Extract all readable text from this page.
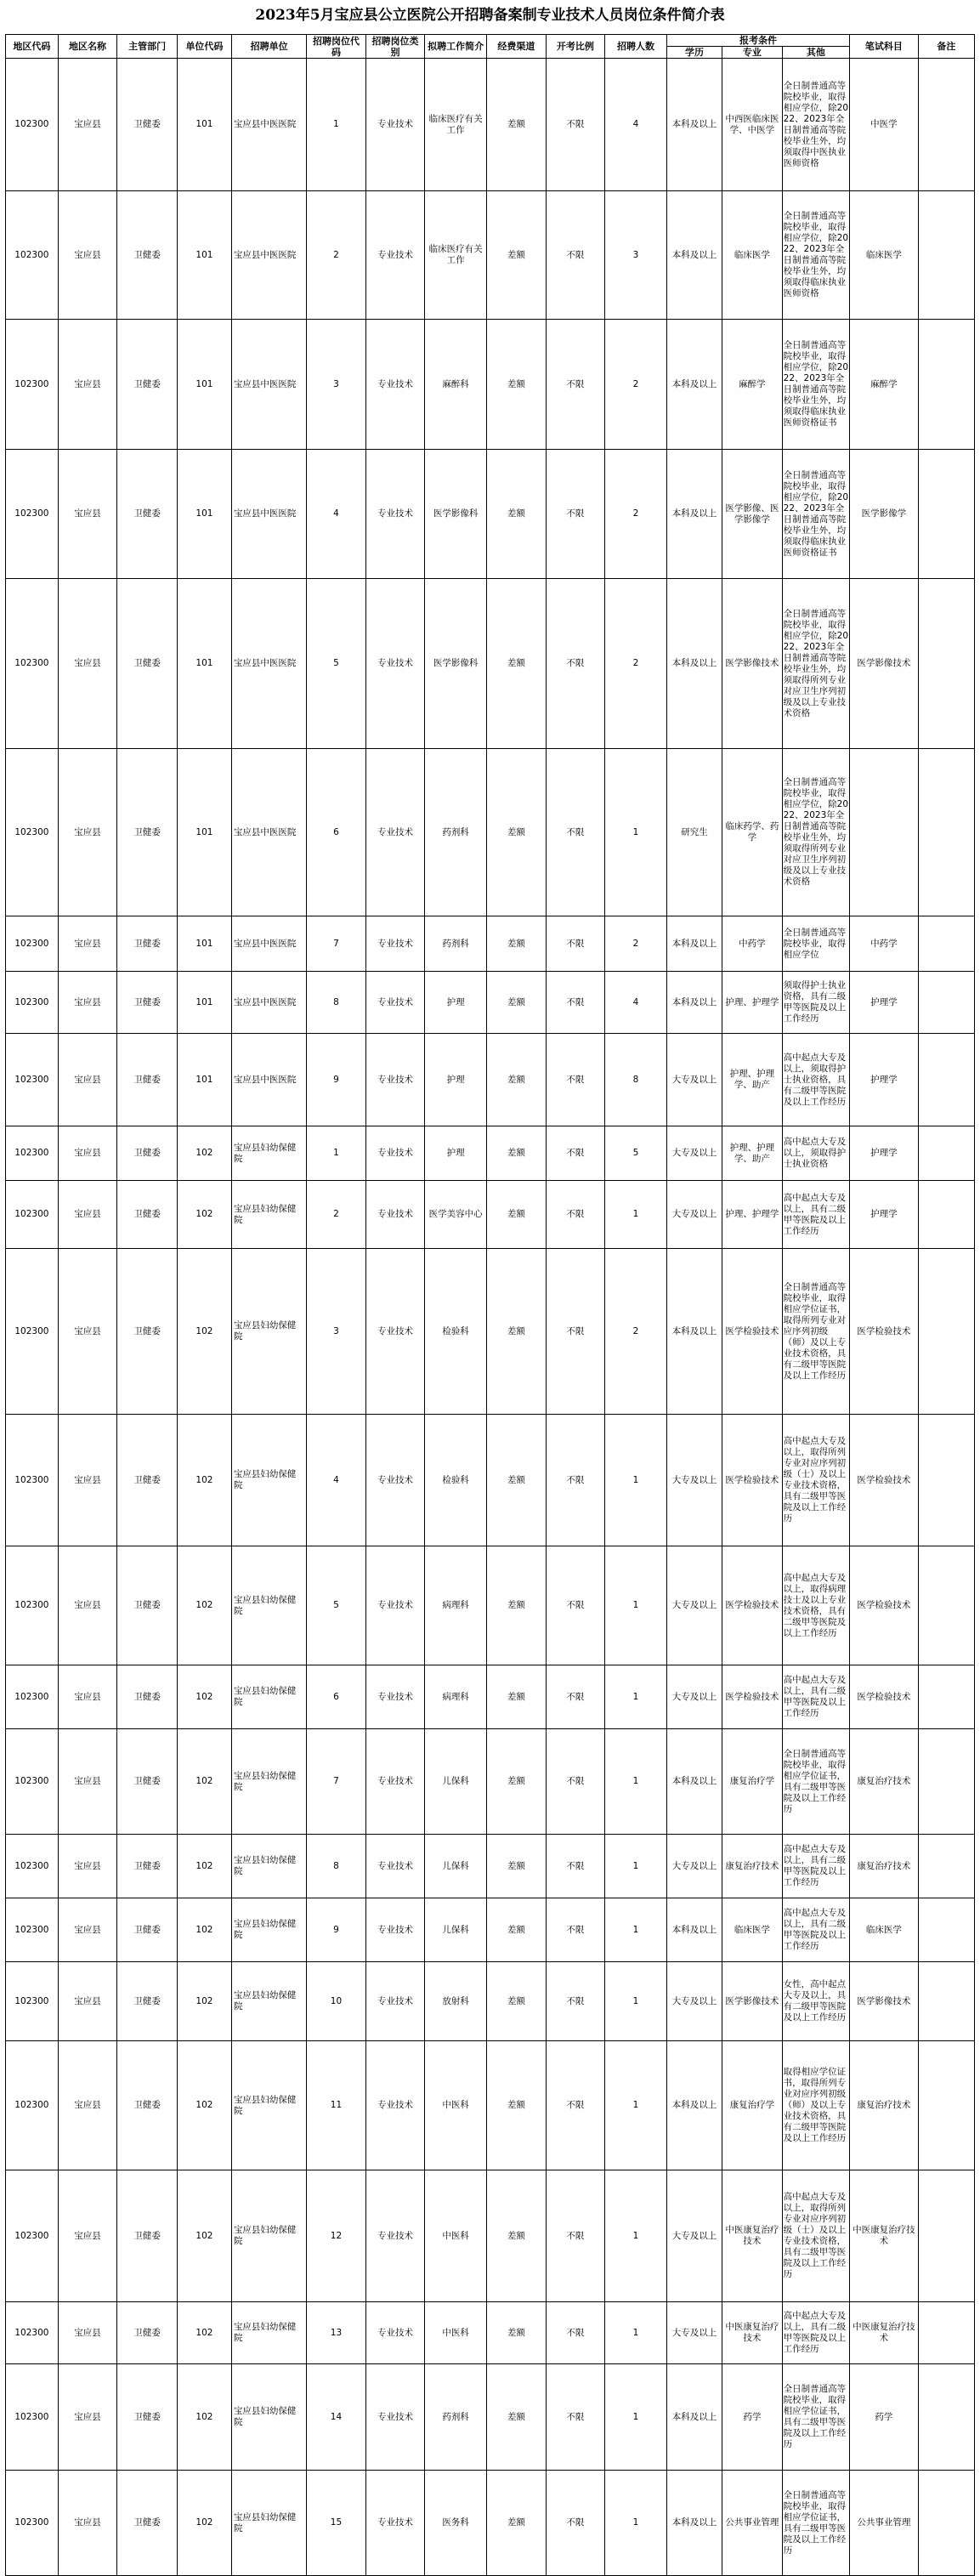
2023年5月宝应县公立医院公开招聘备案制专业技术人员岗位条件简介表
地区代码	地区名称	主管部门	单位代码	招聘单位	招聘岗位代码	招聘岗位类别	拟聘工作简介	经费渠道	开考比例	招聘人数	报考条件			笔试科目	备注
											学历	专业	其他		
102300	宝应县	卫健委	101	宝应县中医医院	1	专业技术	临床医疗有关工作	差额	不限	4	本科及以上	中西医临床医学、中医学	全日制普通高等院校毕业，取得相应学位，除2022、2023年全日制普通高等院校毕业生外，均须取得中医执业医师资格	中医学	
102300	宝应县	卫健委	101	宝应县中医医院	2	专业技术	临床医疗有关工作	差额	不限	3	本科及以上	临床医学	全日制普通高等院校毕业，取得相应学位，除2022、2023年全日制普通高等院校毕业生外，均须取得临床执业医师资格	临床医学	
102300	宝应县	卫健委	101	宝应县中医医院	3	专业技术	麻醉科	差额	不限	2	本科及以上	麻醉学	全日制普通高等院校毕业，取得相应学位，除2022、2023年全日制普通高等院校毕业生外，均须取得临床执业医师资格证书	麻醉学	
102300	宝应县	卫健委	101	宝应县中医医院	4	专业技术	医学影像科	差额	不限	2	本科及以上	医学影像、医学影像学	全日制普通高等院校毕业，取得相应学位，除2022、2023年全日制普通高等院校毕业生外，均须取得临床执业医师资格证书	医学影像学	
102300	宝应县	卫健委	101	宝应县中医医院	5	专业技术	医学影像科	差额	不限	2	本科及以上	医学影像技术	全日制普通高等院校毕业，取得相应学位，除2022、2023年全日制普通高等院校毕业生外，均须取得所列专业对应卫生序列初级及以上专业技术资格	医学影像技术	
102300	宝应县	卫健委	101	宝应县中医医院	6	专业技术	药剂科	差额	不限	1	研究生	临床药学、药学	全日制普通高等院校毕业，取得相应学位，除2022、2023年全日制普通高等院校毕业生外，均须取得所列专业对应卫生序列初级及以上专业技术资格		

102300	宝应县	卫健委	101	宝应县中医医院	7	专业技术	药剂科	差额	不限	2	本科及以上	中药学	全日制普通高等院校毕业，取得相应学位	中药学	
102300	宝应县	卫健委	101	宝应县中医医院	8	专业技术	护理	差额	不限	4	本科及以上	护理、护理学	须取得护士执业资格，具有二级甲等医院及以上工作经历	护理学	
102300	宝应县	卫健委	101	宝应县中医医院	9	专业技术	护理	差额	不限	8	大专及以上	护理、护理学、助产	高中起点大专及以上，须取得护士执业资格，具有二级甲等医院及以上工作经历	护理学	
102300	宝应县	卫健委	102	宝应县妇幼保健院	1	专业技术	护理	差额	不限	5	大专及以上	护理、护理学、助产	高中起点大专及以上，须取得护士执业资格	护理学	
102300	宝应县	卫健委	102	宝应县妇幼保健院	2	专业技术	医学美容中心	差额	不限	1	大专及以上	护理、护理学	高中起点大专及以上，具有二级甲等医院及以上工作经历	护理学	
102300	宝应县	卫健委	102	宝应县妇幼保健院	3	专业技术	检验科	差额	不限	2	本科及以上	医学检验技术	全日制普通高等院校毕业，取得相应学位证书，取得所列专业对应序列初级（师）及以上专业技术资格，具有二级甲等医院及以上工作经历	医学检验技术	
102300	宝应县	卫健委	102	宝应县妇幼保健院	4	专业技术	检验科	差额	不限	1	大专及以上	医学检验技术	高中起点大专及以上，取得所列专业对应序列初级（士）及以上专业技术资格，具有二级甲等医院及以上工作经历	医学检验技术	
102300	宝应县	卫健委	102	宝应县妇幼保健院	5	专业技术	病理科	差额	不限	1	大专及以上	医学检验技术	高中起点大专及以上，取得病理技士及以上专业技术资格，具有二级甲等医院及以上工作经历	医学检验技术	
102300	宝应县	卫健委	102	宝应县妇幼保健院	6	专业技术	病理科	差额	不限	1	大专及以上	医学检验技术	高中起点大专及以上，具有二级甲等医院及以上工作经历	医学检验技术	
102300	宝应县	卫健委	102	宝应县妇幼保健院	7	专业技术	儿保科	差额	不限	1	本科及以上	康复治疗学	全日制普通高等院校毕业，取得相应学位证书，具有二级甲等医院及以上工作经历	康复治疗技术	
102300	宝应县	卫健委	102	宝应县妇幼保健院	8	专业技术	儿保科	差额	不限	1	大专及以上	康复治疗技术	高中起点大专及以上，具有二级甲等医院及以上工作经历	康复治疗技术	
102300	宝应县	卫健委	102	宝应县妇幼保健院	9	专业技术	儿保科	差额	不限	1	本科及以上	临床医学	高中起点大专及以上，具有二级甲等医院及以上工作经历	临床医学	
102300	宝应县	卫健委	102	宝应县妇幼保健院	10	专业技术	放射科	差额	不限	1	大专及以上	医学影像技术	女性，高中起点大专及以上，具有二级甲等医院及以上工作经历	医学影像技术	
102300	宝应县	卫健委	102	宝应县妇幼保健院	11	专业技术	中医科	差额	不限	1	本科及以上	康复治疗学	取得相应学位证书，取得所列专业对应序列初级（师）及以上专业技术资格，具有二级甲等医院及以上工作经历	康复治疗技术	
102300	宝应县	卫健委	102	宝应县妇幼保健院	12	专业技术	中医科	差额	不限	1	大专及以上	中医康复治疗技术	高中起点大专及以上，取得所列专业对应序列初级（士）及以上专业技术资格，具有二级甲等医院及以上工作经历	中医康复治疗技术	
102300	宝应县	卫健委	102	宝应县妇幼保健院	13	专业技术	中医科	差额	不限	1	大专及以上	中医康复治疗技术	高中起点大专及以上，具有二级甲等医院及以上工作经历	中医康复治疗技术	
102300	宝应县	卫健委	102	宝应县妇幼保健院	14	专业技术	药剂科	差额	不限	1	本科及以上	药学	全日制普通高等院校毕业，取得相应学位证书，具有二级甲等医院及以上工作经历	药学	
102300	宝应县	卫健委	102	宝应县妇幼保健院	15	专业技术	医务科	差额	不限	1	本科及以上	公共事业管理	全日制普通高等院校毕业，取得相应学位证书，具有二级甲等医院及以上工作经历	公共事业管理	
